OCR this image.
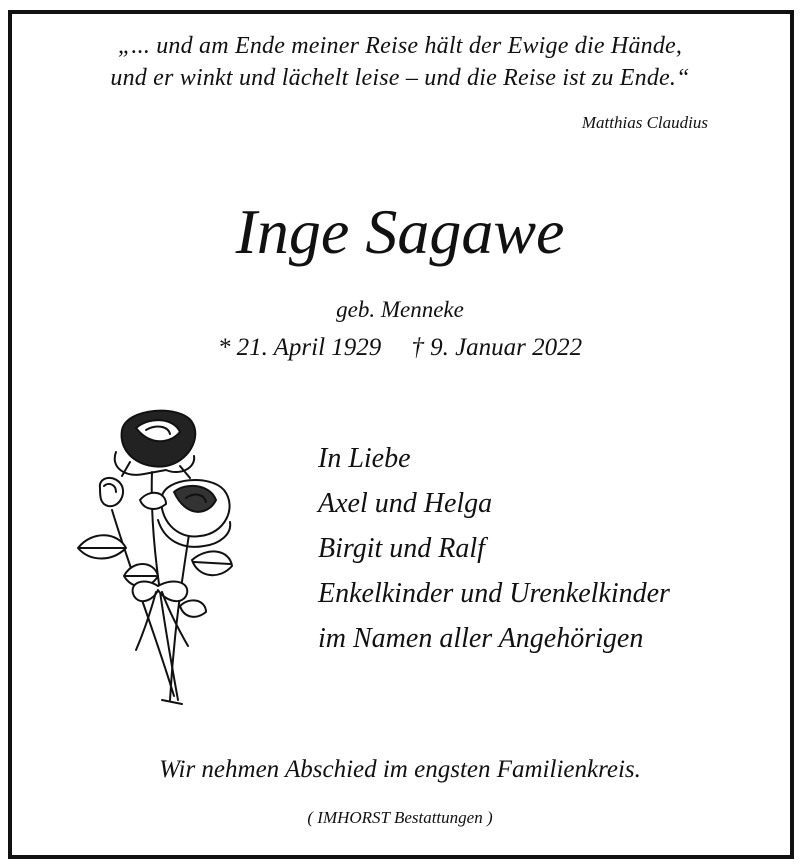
„... und am Ende meiner Reise hält der Ewige die Hände,
und er winkt und lächelt leise – und die Reise ist zu Ende.“
Matthias Claudius
Inge Sagawe
geb. Menneke
* 21. April 1929 † 9. Januar 2022
In Liebe
Axel und Helga
Birgit und Ralf
Enkelkinder und Urenkelkinder
im Namen aller Angehörigen
Wir nehmen Abschied im engsten Familienkreis.
( IMHORST Bestattungen )
